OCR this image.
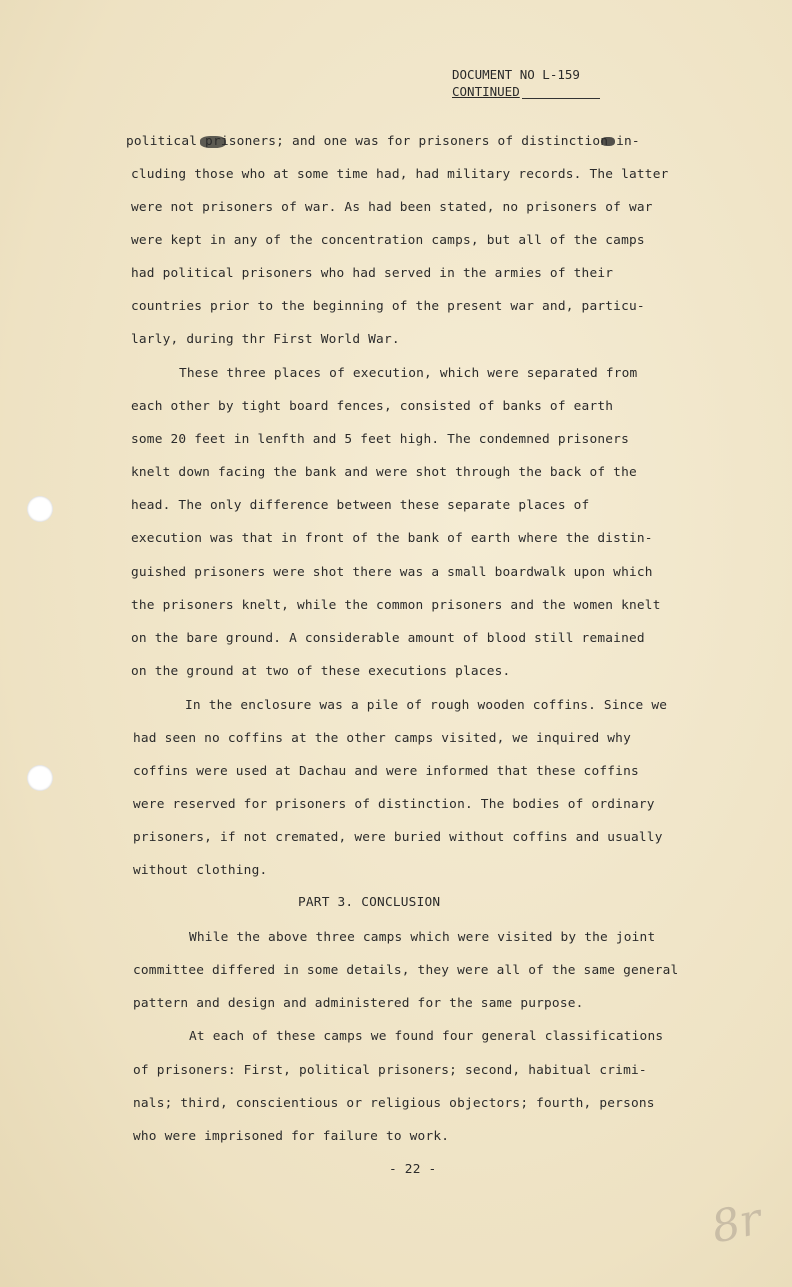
DOCUMENT NO L-159
CONTINUED
political prisoners; and one was for prisoners of distinction in-
cluding those who at some time had, had military records. The latter
were not prisoners of war. As had been stated, no prisoners of war
were kept in any of the concentration camps, but all of the camps
had political prisoners who had served in the armies of their
countries prior to the beginning of the present war and, particu-
larly, during thr First World War.
These three places of execution, which were separated from
each other by tight board fences, consisted of banks of earth
some 20 feet in lenfth and 5 feet high. The condemned prisoners
knelt down facing the bank and were shot through the back of the
head. The only difference between these separate places of
execution was that in front of the bank of earth where the distin-
guished prisoners were shot there was a small boardwalk upon which
the prisoners knelt, while the common prisoners and the women knelt
on the bare ground. A considerable amount of blood still remained
on the ground at two of these executions places.
In the enclosure was a pile of rough wooden coffins. Since we
had seen no coffins at the other camps visited, we inquired why
coffins were used at Dachau and were informed that these coffins
were reserved for prisoners of distinction. The bodies of ordinary
prisoners, if not cremated, were buried without coffins and usually
without clothing.
PART 3. CONCLUSION
While the above three camps which were visited by the joint
committee differed in some details, they were all of the same general
pattern and design and administered for the same purpose.
At each of these camps we found four general classifications
of prisoners: First, political prisoners; second, habitual crimi-
nals; third, conscientious or religious objectors; fourth, persons
who were imprisoned for failure to work.
- 22 -
8r
